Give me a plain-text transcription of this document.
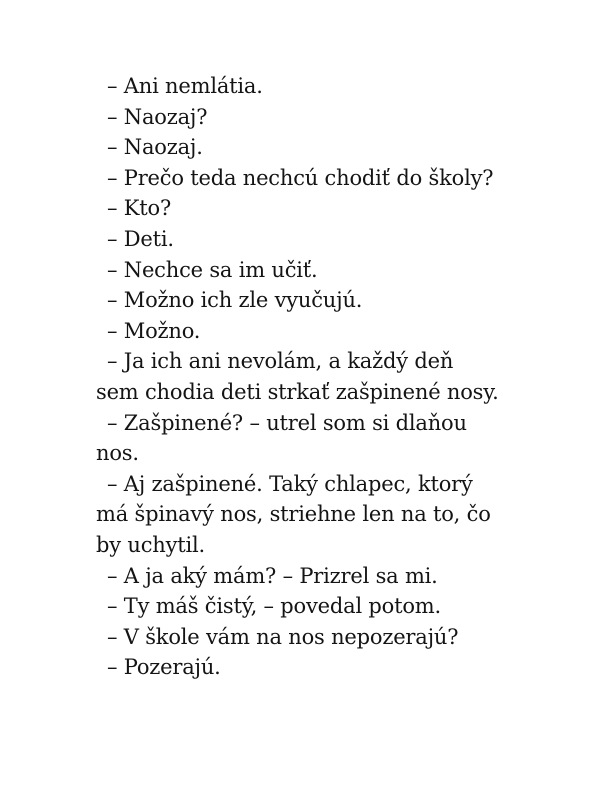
– Ani nemlátia.

– Naozaj?

– Naozaj.

– Prečo teda nechcú chodiť do školy?

– Kto?

– Deti.

– Nechce sa im učiť.

– Možno ich zle vyučujú.

– Možno.

– Ja ich ani nevolám, a každý deň
sem chodia deti strkať zašpinené nosy.

– Zašpinené? – utrel som si dlaňou
nos.

– Aj zašpinené. Taký chlapec, ktorý
má špinavý nos, striehne len na to, čo
by uchytil.

– A ja aký mám? – Prizrel sa mi.

– Ty máš čistý, – povedal potom.

– V škole vám na nos nepozerajú?

– Pozerajú.
